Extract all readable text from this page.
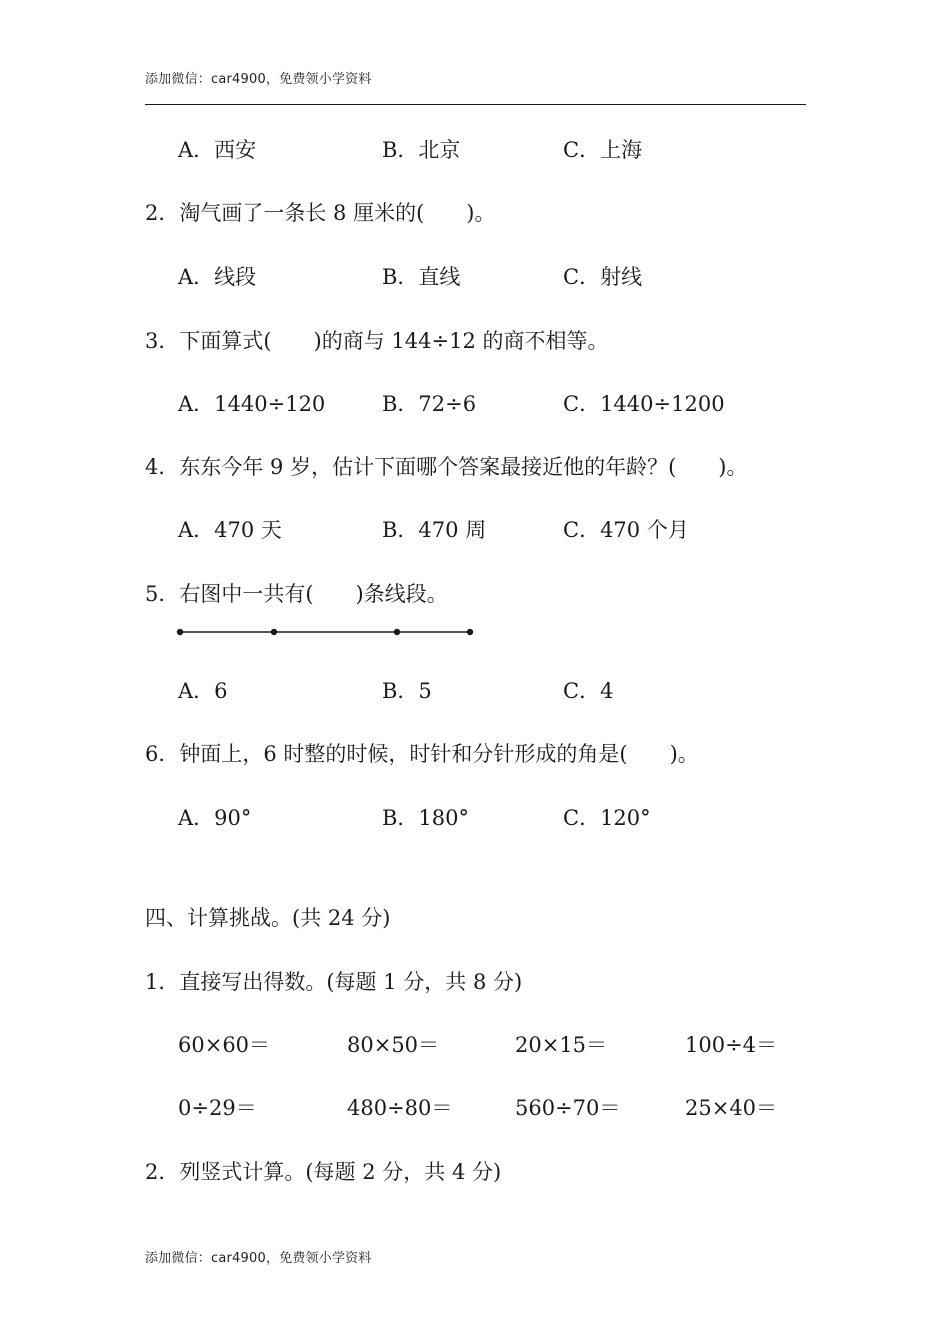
添加微信：car4900，免费领小学资料
A．西安	B．北京	C．上海
2．淘气画了一条长 8 厘米的(　　)。
A．线段	B．直线	C．射线
3．下面算式(　　)的商与 144÷12 的商不相等。
A．1440÷120	B．72÷6	C．1440÷1200
4．东东今年 9 岁，估计下面哪个答案最接近他的年龄？(　　)。
A．470 天	B．470 周	C．470 个月
5．右图中一共有(　　)条线段。
A．6	B．5	C．4
6．钟面上，6 时整的时候，时针和分针形成的角是(　　)。
A．90°	B．180°	C．120°
四、计算挑战。(共 24 分)
1．直接写出得数。(每题 1 分，共 8 分)
60×60＝	80×50＝	20×15＝	100÷4＝
0÷29＝	480÷80＝	560÷70＝	25×40＝
2．列竖式计算。(每题 2 分，共 4 分)
添加微信：car4900，免费领小学资料
